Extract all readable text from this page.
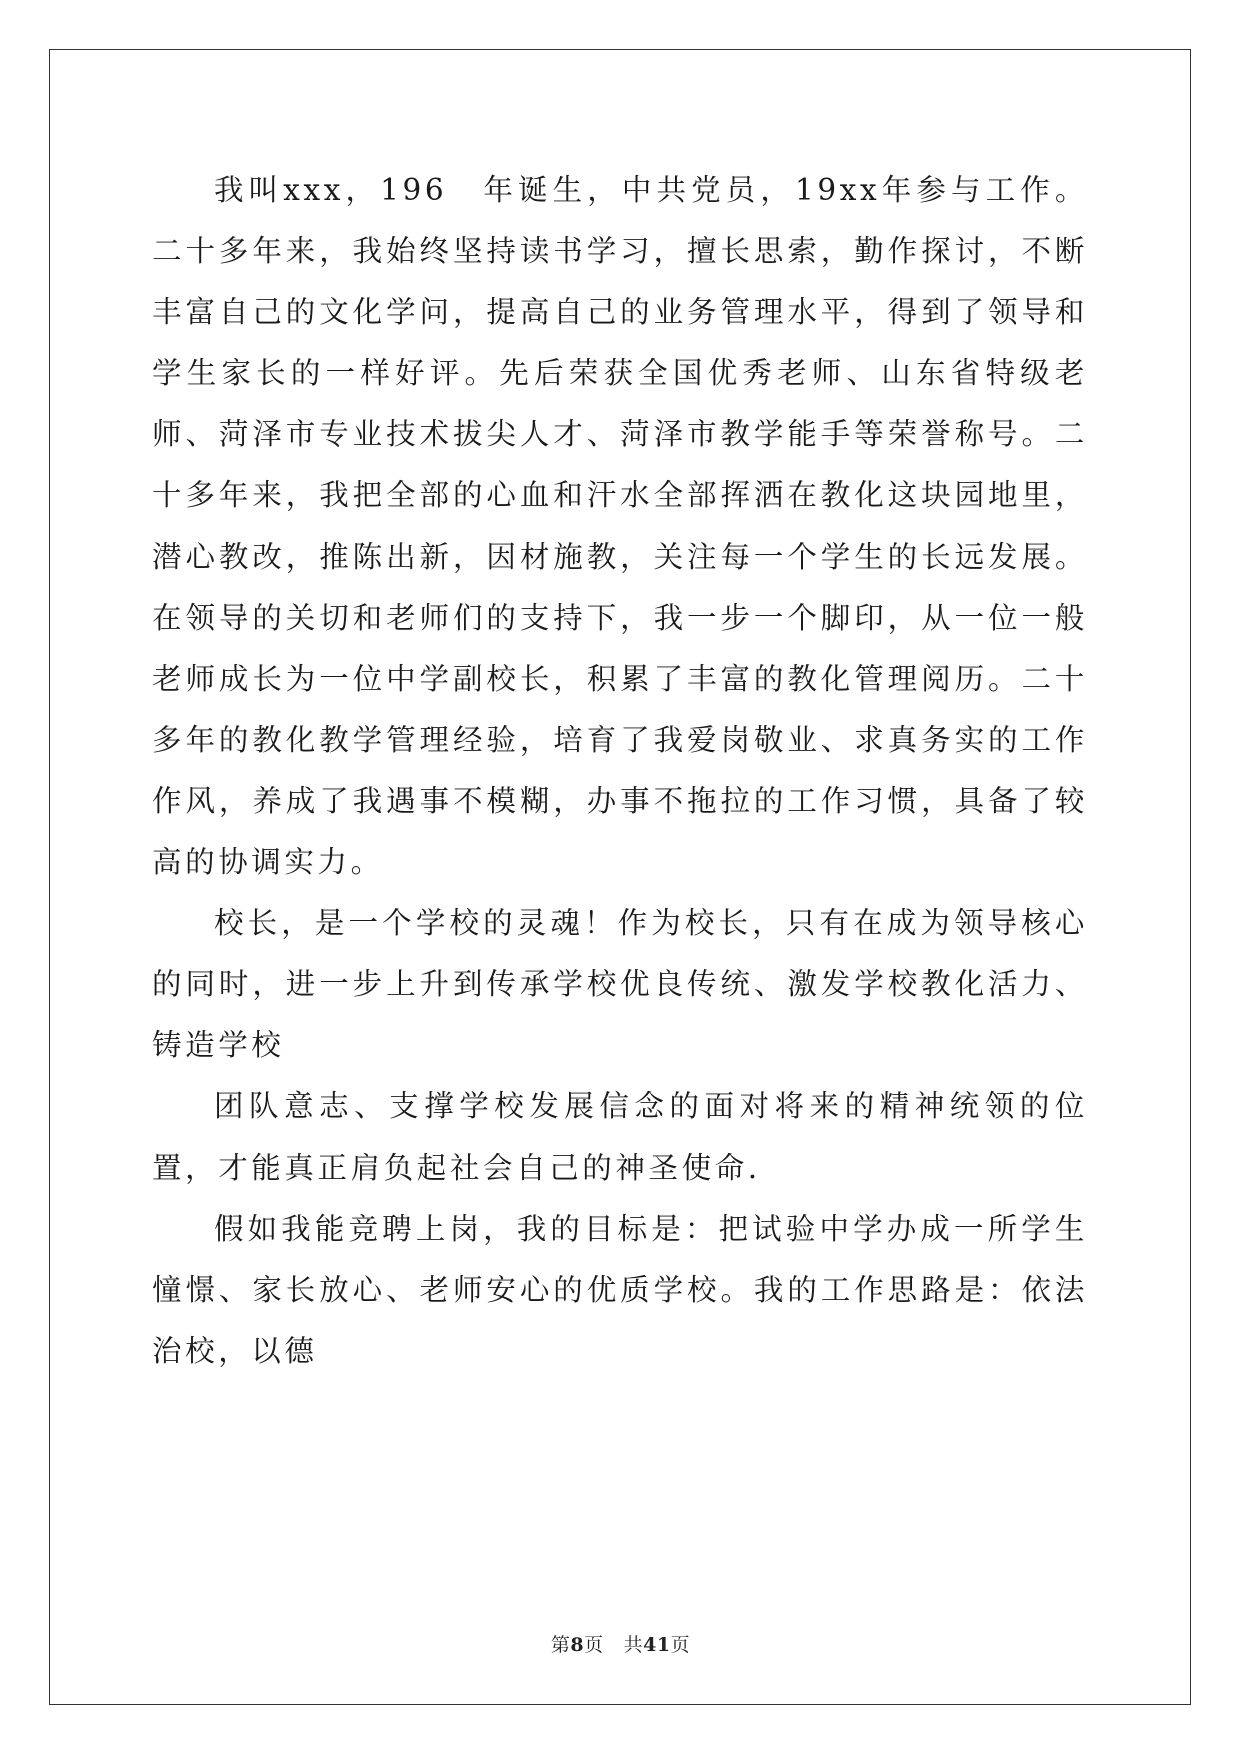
我叫xxx，196　年诞生，中共党员，19xx年参与工作。二十多年来，我始终坚持读书学习，擅长思索，勤作探讨，不断丰富自己的文化学问，提高自己的业务管理水平，得到了领导和学生家长的一样好评。先后荣获全国优秀老师、山东省特级老师、菏泽市专业技术拔尖人才、菏泽市教学能手等荣誉称号。二十多年来，我把全部的心血和汗水全部挥洒在教化这块园地里，潜心教改，推陈出新，因材施教，关注每一个学生的长远发展。在领导的关切和老师们的支持下，我一步一个脚印，从一位一般老师成长为一位中学副校长，积累了丰富的教化管理阅历。二十多年的教化教学管理经验，培育了我爱岗敬业、求真务实的工作作风，养成了我遇事不模糊，办事不拖拉的工作习惯，具备了较高的协调实力。

校长，是一个学校的灵魂！作为校长，只有在成为领导核心的同时，进一步上升到传承学校优良传统、激发学校教化活力、铸造学校

团队意志、支撑学校发展信念的面对将来的精神统领的位置，才能真正肩负起社会自己的神圣使命.

假如我能竞聘上岗，我的目标是：把试验中学办成一所学生憧憬、家长放心、老师安心的优质学校。我的工作思路是：依法治校，以德

第8页 共41页
